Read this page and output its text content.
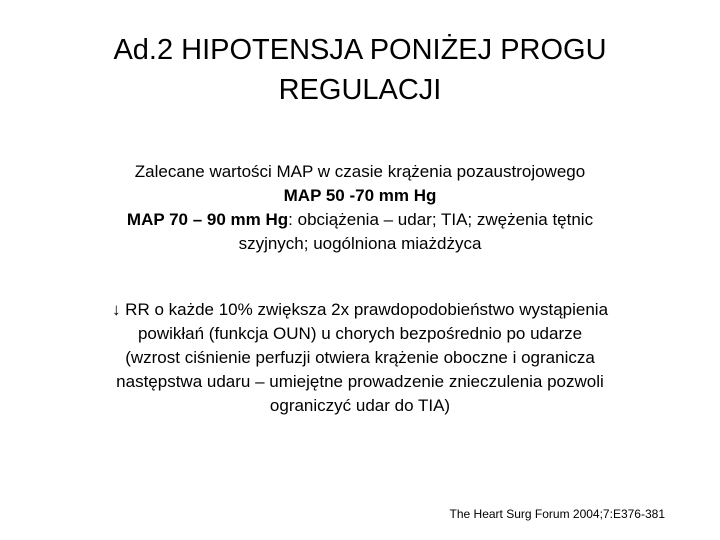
Ad.2 HIPOTENSJA PONIŻEJ PROGU
REGULACJI
Zalecane wartości MAP w czasie krążenia pozaustrojowego
MAP 50 -70 mm Hg
MAP 70 – 90 mm Hg: obciążenia – udar; TIA; zwężenia tętnic
szyjnych; uogólniona miażdżyca
↓ RR o każde 10% zwiększa 2x prawdopodobieństwo wystąpienia
powikłań (funkcja OUN) u chorych bezpośrednio po udarze
(wzrost ciśnienie perfuzji otwiera krążenie oboczne i ogranicza
następstwa udaru – umiejętne prowadzenie znieczulenia pozwoli
ograniczyć udar do TIA)
The Heart Surg Forum 2004;7:E376-381
